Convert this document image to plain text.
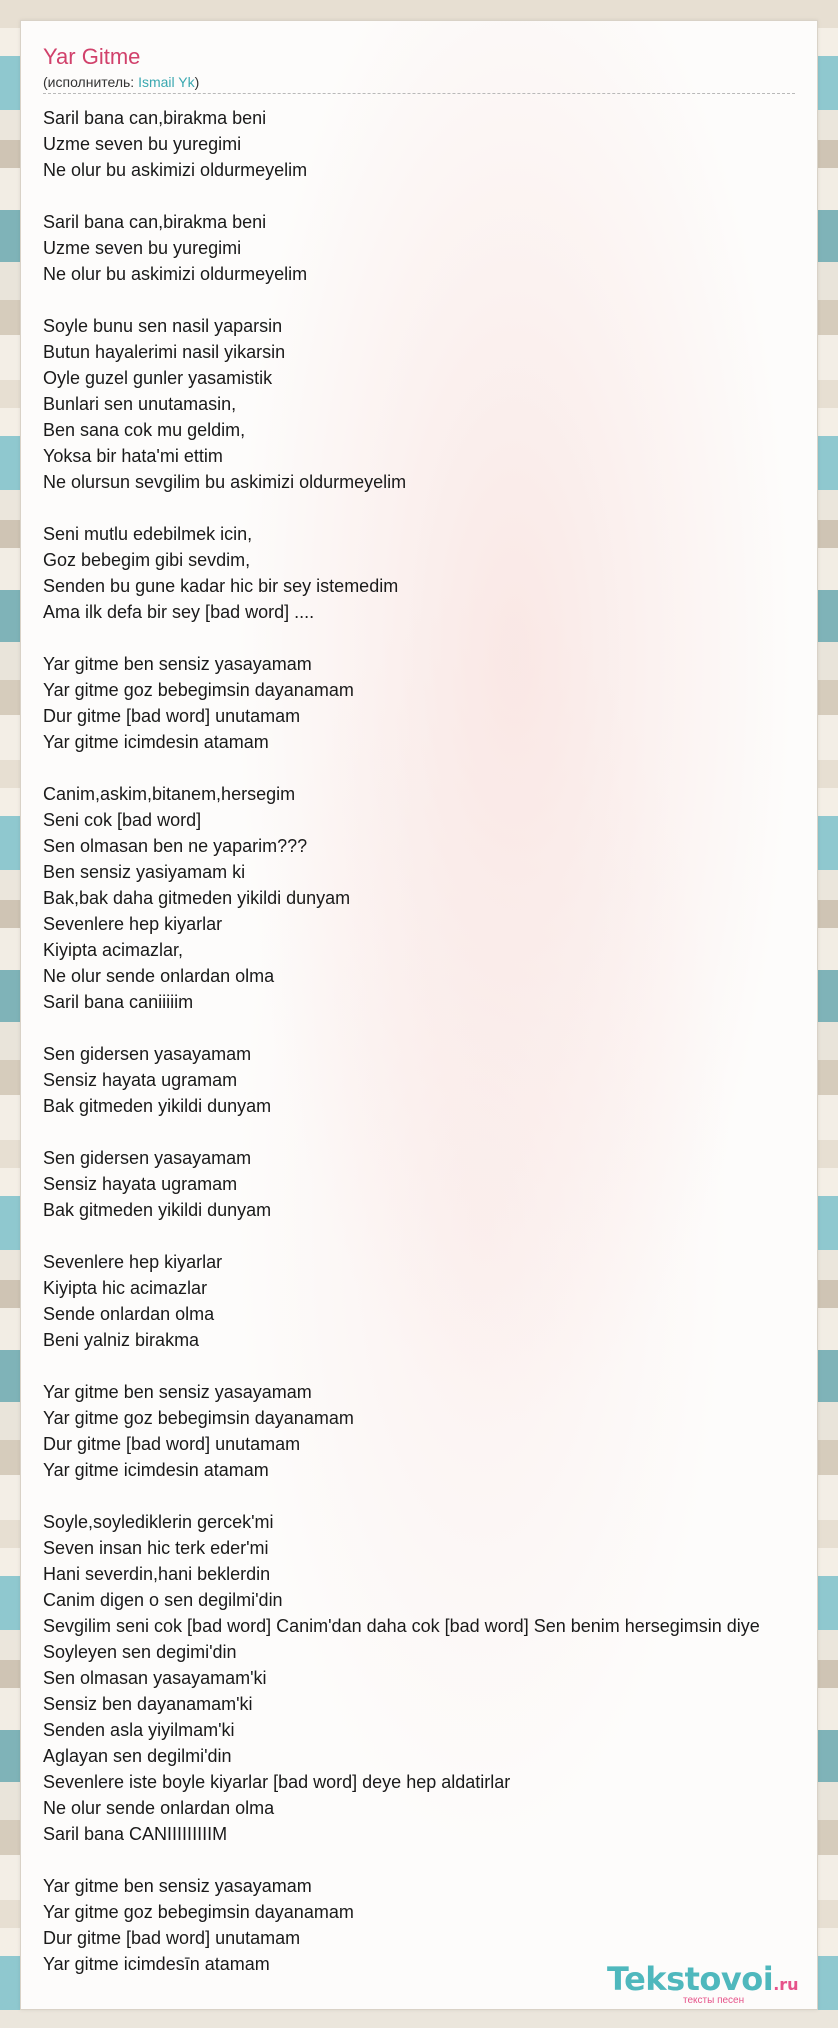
Yar Gitme
(исполнитель: Ismail Yk)
Saril bana can,birakma beni
Uzme seven bu yuregimi
Ne olur bu askimizi oldurmeyelim
Saril bana can,birakma beni
Uzme seven bu yuregimi
Ne olur bu askimizi oldurmeyelim
Soyle bunu sen nasil yaparsin
Butun hayalerimi nasil yikarsin
Oyle guzel gunler yasamistik
Bunlari sen unutamasin,
Ben sana cok mu geldim,
Yoksa bir hata'mi ettim
Ne olursun sevgilim bu askimizi oldurmeyelim
Seni mutlu edebilmek icin,
Goz bebegim gibi sevdim,
Senden bu gune kadar hic bir sey istemedim
Ama ilk defa bir sey [bad word] ....
Yar gitme ben sensiz yasayamam
Yar gitme goz bebegimsin dayanamam
Dur gitme [bad word] unutamam
Yar gitme icimdesin atamam
Canim,askim,bitanem,hersegim
Seni cok [bad word]
Sen olmasan ben ne yaparim???
Ben sensiz yasiyamam ki
Bak,bak daha gitmeden yikildi dunyam
Sevenlere hep kiyarlar
Kiyipta acimazlar,
Ne olur sende onlardan olma
Saril bana caniiiiim
Sen gidersen yasayamam
Sensiz hayata ugramam
Bak gitmeden yikildi dunyam
Sen gidersen yasayamam
Sensiz hayata ugramam
Bak gitmeden yikildi dunyam
Sevenlere hep kiyarlar
Kiyipta hic acimazlar
Sende onlardan olma
Beni yalniz birakma
Yar gitme ben sensiz yasayamam
Yar gitme goz bebegimsin dayanamam
Dur gitme [bad word] unutamam
Yar gitme icimdesin atamam
Soyle,soylediklerin gercek'mi
Seven insan hic terk eder'mi
Hani severdin,hani beklerdin
Canim digen o sen degilmi'din
Sevgilim seni cok [bad word] Canim'dan daha cok [bad word] Sen benim hersegimsin diye
Soyleyen sen degimi'din
Sen olmasan yasayamam'ki
Sensiz ben dayanamam'ki
Senden asla yiyilmam'ki
Aglayan sen degilmi'din
Sevenlere iste boyle kiyarlar [bad word] deye hep aldatirlar
Ne olur sende onlardan olma
Saril bana CANIIIIIIIIIM
Yar gitme ben sensiz yasayamam
Yar gitme goz bebegimsin dayanamam
Dur gitme [bad word] unutamam
Yar gitme icimdesīn atamam	Tekstovoi.ru
тексты песен
